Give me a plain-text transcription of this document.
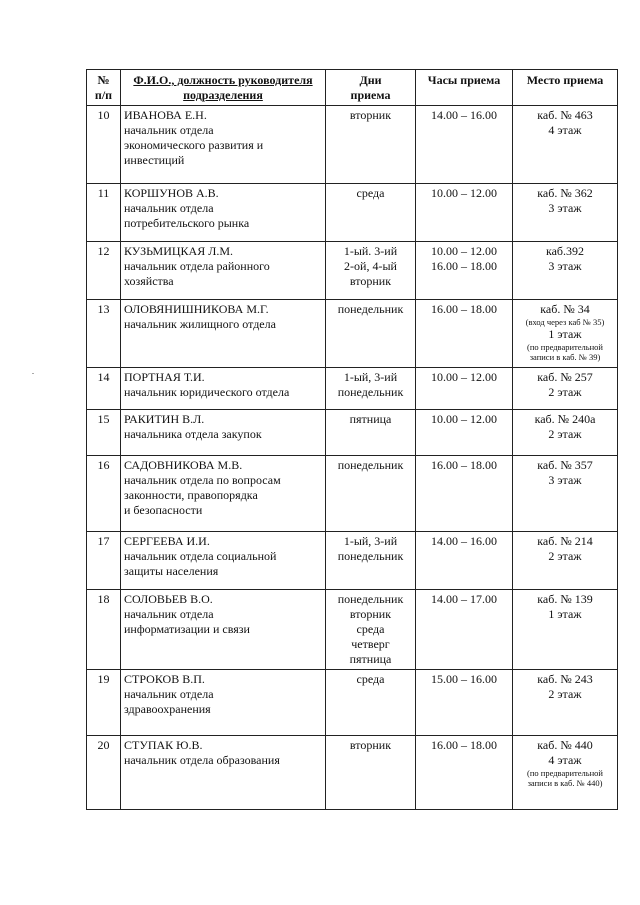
№
п/п	Ф.И.О., должность руководителя подразделения	Дни
приема	Часы приема	Место приема
10	ИВАНОВА Е.Н.
начальник отдела
экономического развития и
инвестиций	вторник	14.00 – 16.00	каб. № 463
4 этаж

11	КОРШУНОВ А.В.
начальник отдела
потребительского рынка	среда	10.00 – 12.00	каб. № 362
3 этаж

12	КУЗЬМИЦКАЯ Л.М.
начальник отдела районного
хозяйства	1-ый. 3-ий
2-ой, 4-ый
вторник	10.00 – 12.00
16.00 – 18.00	каб.392
3 этаж

13	ОЛОВЯНИШНИКОВА М.Г.
начальник жилищного отдела	понедельник	16.00 – 18.00	каб. № 34
(вход через каб № 35)
1 этаж
(по предварительной
записи в каб. № 39)

14	ПОРТНАЯ Т.И.
начальник юридического отдела	1-ый, 3-ий
понедельник	10.00 – 12.00	каб. № 257
2 этаж

15	РАКИТИН В.Л.
начальника отдела закупок	пятница	10.00 – 12.00	каб. № 240а
2 этаж

16	САДОВНИКОВА М.В.
начальник отдела по вопросам
законности, правопорядка
и безопасности	понедельник	16.00 – 18.00	каб. № 357
3 этаж

17	СЕРГЕЕВА И.И.
начальник отдела социальной
защиты населения	1-ый, 3-ий
понедельник	14.00 – 16.00	каб. № 214
2 этаж

18	СОЛОВЬЕВ В.О.
начальник отдела
информатизации и связи	понедельник
вторник
среда
четверг
пятница	14.00 – 17.00	каб. № 139
1 этаж

19	СТРОКОВ В.П.
начальник отдела
здравоохранения	среда	15.00 – 16.00	каб. № 243
2 этаж

20	СТУПАК Ю.В.
начальник отдела образования	вторник	16.00 – 18.00	каб. № 440
4 этаж
(по предварительной
записи в каб. № 440)
